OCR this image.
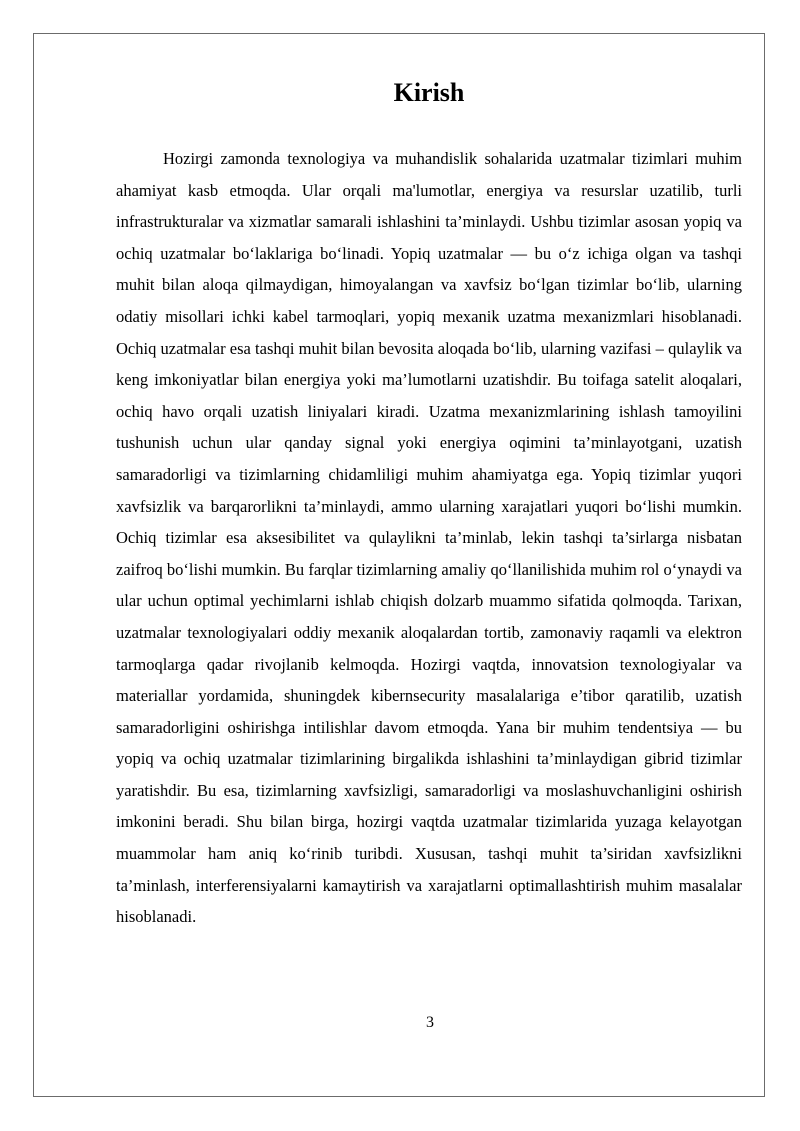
Kirish

Hozirgi zamonda texnologiya va muhandislik sohalarida uzatmalar tizimlari muhim ahamiyat kasb etmoqda. Ular orqali ma'lumotlar, energiya va resurslar uzatilib, turli infrastrukturalar va xizmatlar samarali ishlashini ta’minlaydi. Ushbu tizimlar asosan yopiq va ochiq uzatmalar bo‘laklariga bo‘linadi. Yopiq uzatmalar — bu o‘z ichiga olgan va tashqi muhit bilan aloqa qilmaydigan, himoyalangan va xavfsiz bo‘lgan tizimlar bo‘lib, ularning odatiy misollari ichki kabel tarmoqlari, yopiq mexanik uzatma mexanizmlari hisoblanadi. Ochiq uzatmalar esa tashqi muhit bilan bevosita aloqada bo‘lib, ularning vazifasi – qulaylik va keng imkoniyatlar bilan energiya yoki ma’lumotlarni uzatishdir. Bu toifaga satelit aloqalari, ochiq havo orqali uzatish liniyalari kiradi. Uzatma mexanizmlarining ishlash tamoyilini tushunish uchun ular qanday signal yoki energiya oqimini ta’minlayotgani, uzatish samaradorligi va tizimlarning chidamliligi muhim ahamiyatga ega. Yopiq tizimlar yuqori xavfsizlik va barqarorlikni ta’minlaydi, ammo ularning xarajatlari yuqori bo‘lishi mumkin. Ochiq tizimlar esa aksesibilitet va qulaylikni ta’minlab, lekin tashqi ta’sirlarga nisbatan zaifroq bo‘lishi mumkin. Bu farqlar tizimlarning amaliy qo‘llanilishida muhim rol o‘ynaydi va ular uchun optimal yechimlarni ishlab chiqish dolzarb muammo sifatida qolmoqda. Tarixan, uzatmalar texnologiyalari oddiy mexanik aloqalardan tortib, zamonaviy raqamli va elektron tarmoqlarga qadar rivojlanib kelmoqda. Hozirgi vaqtda, innovatsion texnologiyalar va materiallar yordamida, shuningdek kibernsecurity masalalariga e’tibor qaratilib, uzatish samaradorligini oshirishga intilishlar davom etmoqda. Yana bir muhim tendentsiya — bu yopiq va ochiq uzatmalar tizimlarining birgalikda ishlashini ta’minlaydigan gibrid tizimlar yaratishdir. Bu esa, tizimlarning xavfsizligi, samaradorligi va moslashuvchanligini oshirish imkonini beradi. Shu bilan birga, hozirgi vaqtda uzatmalar tizimlarida yuzaga kelayotgan muammolar ham aniq ko‘rinib turibdi. Xususan, tashqi muhit ta’siridan xavfsizlikni ta’minlash, interferensiyalarni kamaytirish va xarajatlarni optimallashtirish muhim masalalar hisoblanadi.

3
